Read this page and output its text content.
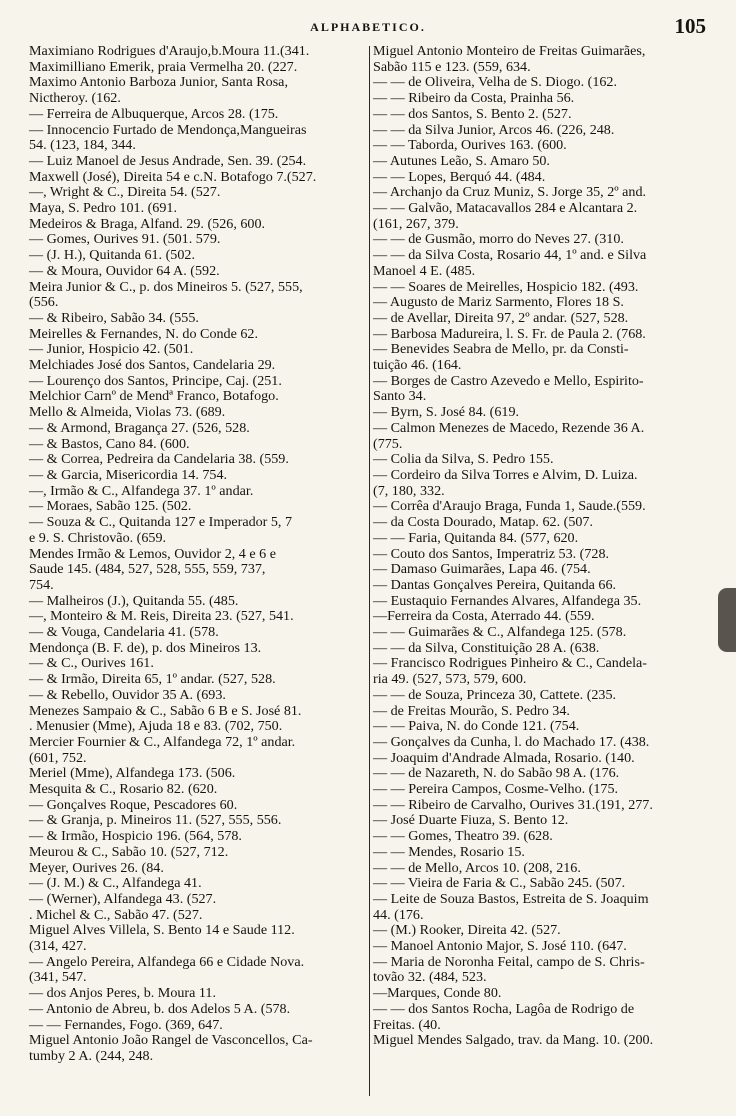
ALPHABETICO.	105
Maximiano Rodrigues d'Araujo,b.Moura 11.(341.
Maximilliano Emerik, praia Vermelha 20. (227.
Maximo Antonio Barboza Junior, Santa Rosa,
Nictheroy. (162.
— Ferreira de Albuquerque, Arcos 28. (175.
— Innocencio Furtado de Mendonça,Mangueiras
54. (123, 184, 344.
— Luiz Manoel de Jesus Andrade, Sen. 39. (254.
Maxwell (José), Direita 54 e c.N. Botafogo 7.(527.
—, Wright & C., Direita 54. (527.
Maya, S. Pedro 101. (691.
Medeiros & Braga, Alfand. 29. (526, 600.
— Gomes, Ourives 91. (501. 579.
— (J. H.), Quitanda 61. (502.
— & Moura, Ouvidor 64 A. (592.
Meira Junior & C., p. dos Mineiros 5. (527, 555,
(556.
— & Ribeiro, Sabão 34. (555.
Meirelles & Fernandes, N. do Conde 62.
— Junior, Hospicio 42. (501.
Melchiades José dos Santos, Candelaria 29.
— Lourenço dos Santos, Principe, Caj. (251.
Melchior Carnº de Mendª Franco, Botafogo.
Mello & Almeida, Violas 73. (689.
— & Armond, Bragança 27. (526, 528.
— & Bastos, Cano 84. (600.
— & Correa, Pedreira da Candelaria 38. (559.
— & Garcia, Misericordia 14. 754.
—, Irmão & C., Alfandega 37. 1º andar.
— Moraes, Sabão 125. (502.
— Souza & C., Quitanda 127 e Imperador 5, 7
e 9. S. Christovão. (659.
Mendes Irmão & Lemos, Ouvidor 2, 4 e 6 e
Saude 145. (484, 527, 528, 555, 559, 737,
754.
— Malheiros (J.), Quitanda 55. (485.
—, Monteiro & M. Reis, Direita 23. (527, 541.
— & Vouga, Candelaria 41. (578.
Mendonça (B. F. de), p. dos Mineiros 13.
— & C., Ourives 161.
— & Irmão, Direita 65, 1º andar. (527, 528.
— & Rebello, Ouvidor 35 A. (693.
Menezes Sampaio & C., Sabão 6 B e S. José 81.
. Menusier (Mme), Ajuda 18 e 83. (702, 750.
Mercier Fournier & C., Alfandega 72, 1º andar.
(601, 752.
Meriel (Mme), Alfandega 173. (506.
Mesquita & C., Rosario 82. (620.
— Gonçalves Roque, Pescadores 60.
— & Granja, p. Mineiros 11. (527, 555, 556.
— & Irmão, Hospicio 196. (564, 578.
Meurou & C., Sabão 10. (527, 712.
Meyer, Ourives 26. (84.
— (J. M.) & C., Alfandega 41.
— (Werner), Alfandega 43. (527.
. Michel & C., Sabão 47. (527.
Miguel Alves Villela, S. Bento 14 e Saude 112.
(314, 427.
— Angelo Pereira, Alfandega 66 e Cidade Nova.
(341, 547.
— dos Anjos Peres, b. Moura 11.
— Antonio de Abreu, b. dos Adelos 5 A. (578.
— — Fernandes, Fogo. (369, 647.
Miguel Antonio João Rangel de Vasconcellos, Ca-
tumby 2 A. (244, 248.
Miguel Antonio Monteiro de Freitas Guimarães,
Sabão 115 e 123. (559, 634.
— — de Oliveira, Velha de S. Diogo. (162.
— — Ribeiro da Costa, Prainha 56.
— — dos Santos, S. Bento 2. (527.
— — da Silva Junior, Arcos 46. (226, 248.
— — Taborda, Ourives 163. (600.
— Autunes Leão, S. Amaro 50.
— — Lopes, Berquó 44. (484.
— Archanjo da Cruz Muniz, S. Jorge 35, 2º and.
— — Galvão, Matacavallos 284 e Alcantara 2.
(161, 267, 379.
— — de Gusmão, morro do Neves 27. (310.
— — da Silva Costa, Rosario 44, 1º and. e Silva
Manoel 4 E. (485.
— — Soares de Meirelles, Hospicio 182. (493.
— Augusto de Mariz Sarmento, Flores 18 S.
— de Avellar, Direita 97, 2º andar. (527, 528.
— Barbosa Madureira, l. S. Fr. de Paula 2. (768.
— Benevides Seabra de Mello, pr. da Consti-
tuição 46. (164.
— Borges de Castro Azevedo e Mello, Espirito-
Santo 34.
— Byrn, S. José 84. (619.
— Calmon Menezes de Macedo, Rezende 36 A.
(775.
— Colia da Silva, S. Pedro 155.
— Cordeiro da Silva Torres e Alvim, D. Luiza.
(7, 180, 332.
— Corrêa d'Araujo Braga, Funda 1, Saude.(559.
— da Costa Dourado, Matap. 62. (507.
— — Faria, Quitanda 84. (577, 620.
— Couto dos Santos, Imperatriz 53. (728.
— Damaso Guimarães, Lapa 46. (754.
— Dantas Gonçalves Pereira, Quitanda 66.
— Eustaquio Fernandes Alvares, Alfandega 35.
—Ferreira da Costa, Aterrado 44. (559.
— — Guimarães & C., Alfandega 125. (578.
— — da Silva, Constituição 28 A. (638.
— Francisco Rodrigues Pinheiro & C., Candela-
ria 49. (527, 573, 579, 600.
— — de Souza, Princeza 30, Cattete. (235.
— de Freitas Mourão, S. Pedro 34.
— — Paiva, N. do Conde 121. (754.
— Gonçalves da Cunha, l. do Machado 17. (438.
— Joaquim d'Andrade Almada, Rosario. (140.
— — de Nazareth, N. do Sabão 98 A. (176.
— — Pereira Campos, Cosme-Velho. (175.
— — Ribeiro de Carvalho, Ourives 31.(191, 277.
— José Duarte Fiuza, S. Bento 12.
— — Gomes, Theatro 39. (628.
— — Mendes, Rosario 15.
— — de Mello, Arcos 10. (208, 216.
— — Vieira de Faria & C., Sabão 245. (507.
— Leite de Souza Bastos, Estreita de S. Joaquim
44. (176.
— (M.) Rooker, Direita 42. (527.
— Manoel Antonio Major, S. José 110. (647.
— Maria de Noronha Feital, campo de S. Chris-
tovão 32. (484, 523.
—Marques, Conde 80.
— — dos Santos Rocha, Lagôa de Rodrigo de
Freitas. (40.
Miguel Mendes Salgado, trav. da Mang. 10. (200.
